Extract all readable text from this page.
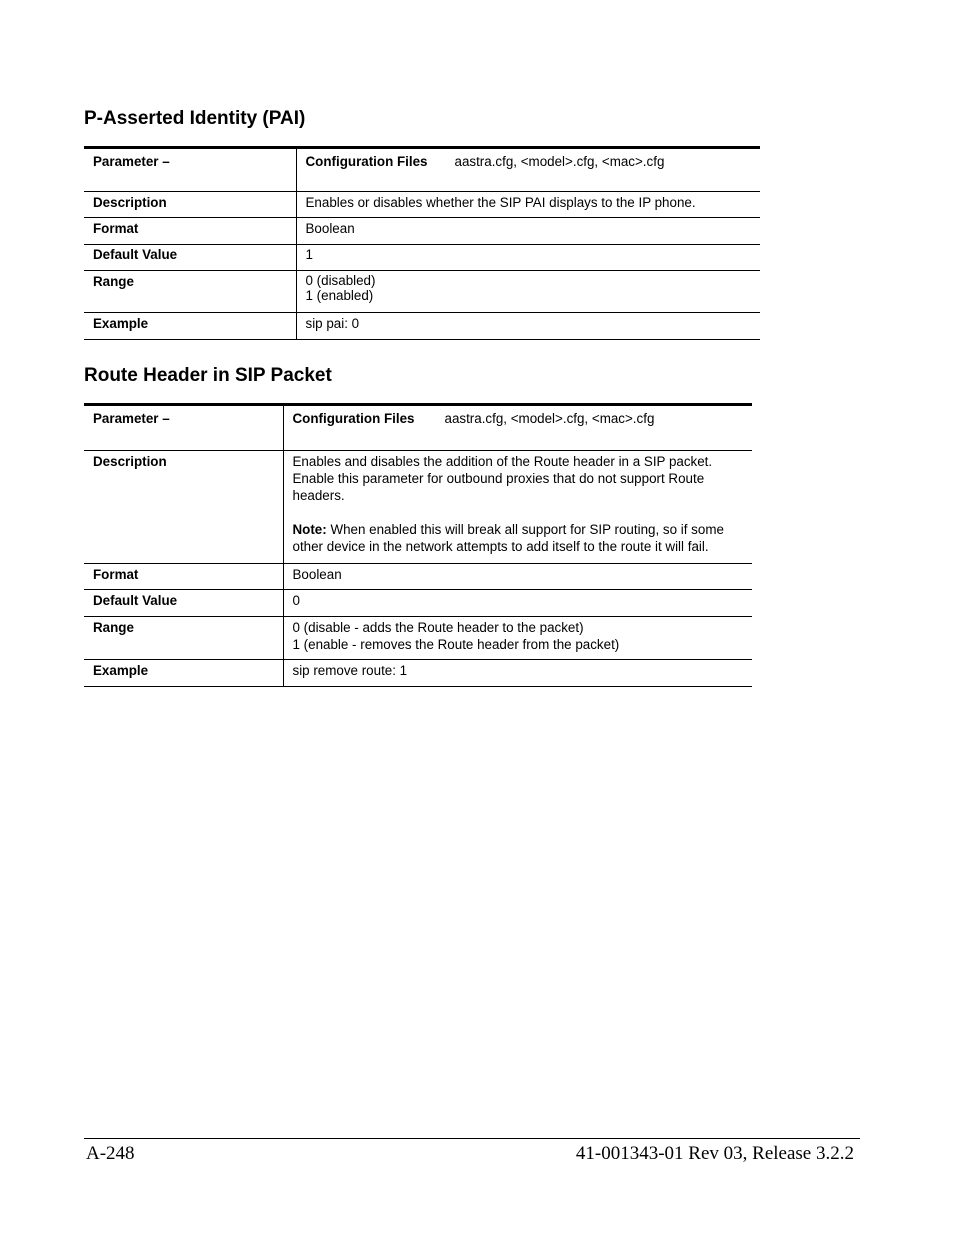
P-Asserted Identity (PAI)
Parameter –	Configuration Files aastra.cfg, <model>.cfg, <mac>.cfg
Description	Enables or disables whether the SIP PAI displays to the IP phone.
Format	Boolean
Default Value	1
Range	0 (disabled)
1 (enabled)

Example	sip pai: 0
Route Header in SIP Packet
Parameter –	Configuration Files aastra.cfg, <model>.cfg, <mac>.cfg
Description	Enables and disables the addition of the Route header in a SIP packet. Enable this parameter for outbound proxies that do not support Route headers.
Note: When enabled this will break all support for SIP routing, so if some other device in the network attempts to add itself to the route it will fail.

Format	Boolean
Default Value	0
Range	0 (disable - adds the Route header to the packet)
1 (enable - removes the Route header from the packet)

Example	sip remove route: 1
A-248	41-001343-01 Rev 03, Release 3.2.2
